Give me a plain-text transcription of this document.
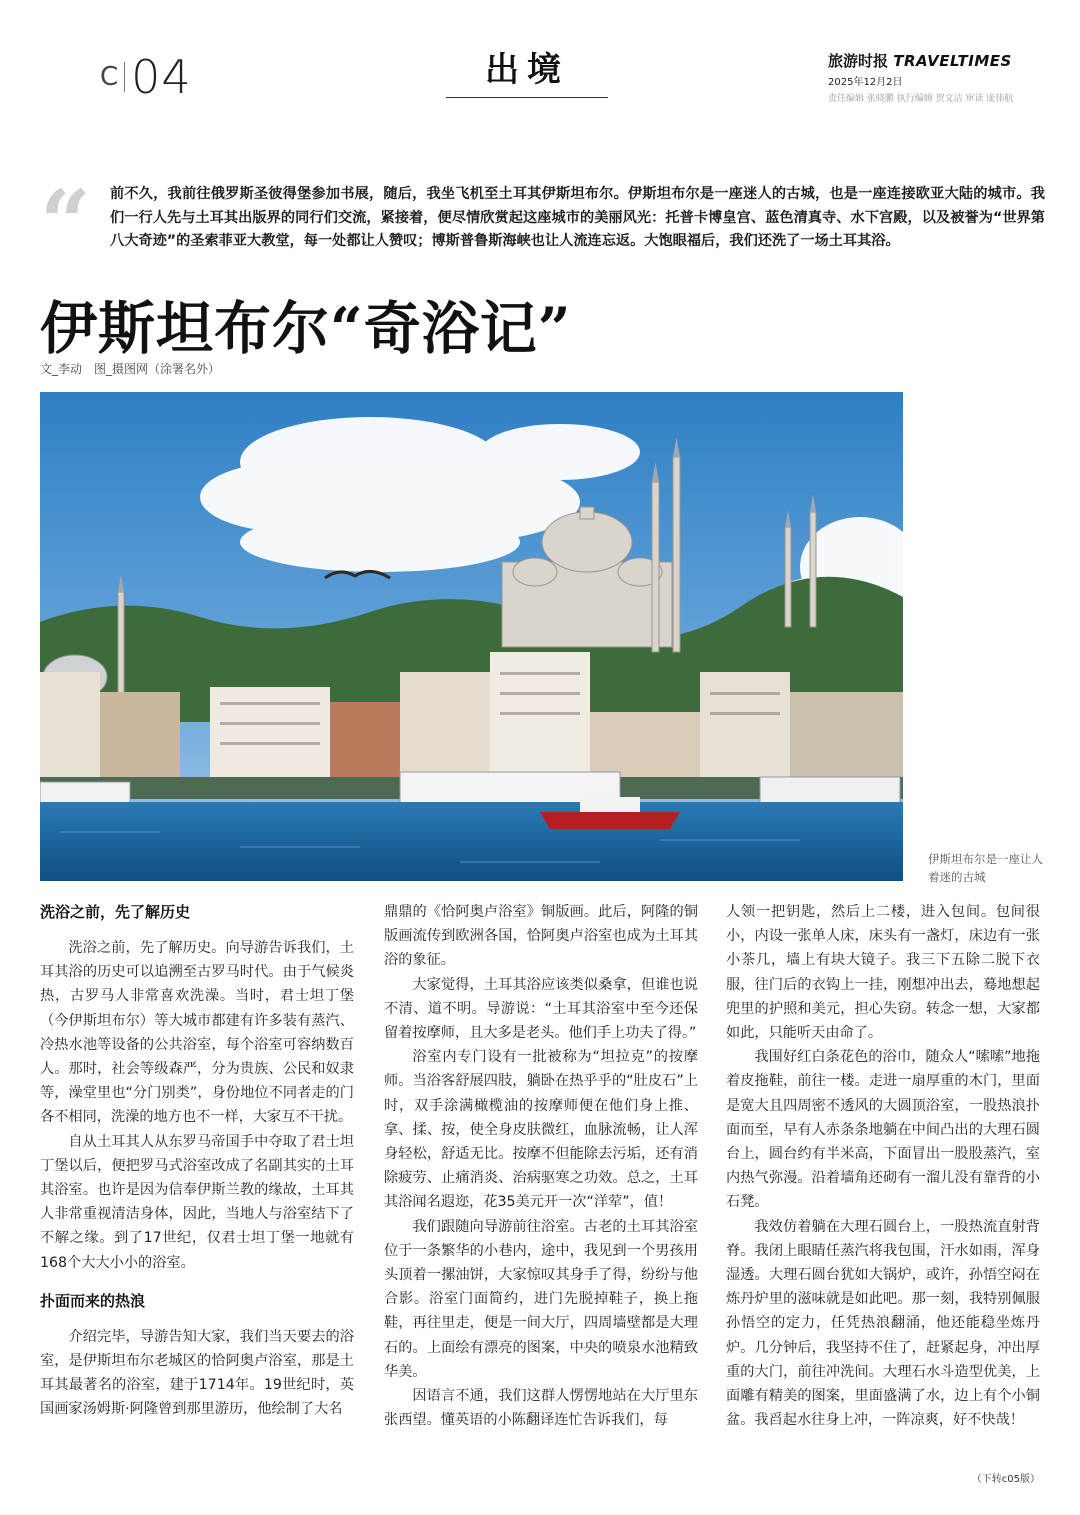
C 04	出境	旅游时报 TRAVELTIMES
2025年12月2日
责任编辑 张晓鹏 执行编辑 贺文洁 审读 庞伟航
“ 前不久，我前往俄罗斯圣彼得堡参加书展，随后，我坐飞机至土耳其伊斯坦布尔。伊斯坦布尔是一座迷人的古城，也是一座连接欧亚大陆的城市。我们一行人先与土耳其出版界的同行们交流，紧接着，便尽情欣赏起这座城市的美丽风光：托普卡博皇宫、蓝色清真寺、水下宫殿，以及被誉为“世界第八大奇迹”的圣索菲亚大教堂，每一处都让人赞叹；博斯普鲁斯海峡也让人流连忘返。大饱眼福后，我们还洗了一场土耳其浴。
伊斯坦布尔“奇浴记”
文_李动　图_摄图网（涂署名外）
伊斯坦布尔是一座让人着迷的古城
洗浴之前，先了解历史

洗浴之前，先了解历史。向导游告诉我们，土耳其浴的历史可以追溯至古罗马时代。由于气候炎热，古罗马人非常喜欢洗澡。当时，君士坦丁堡（今伊斯坦布尔）等大城市都建有许多装有蒸汽、冷热水池等设备的公共浴室，每个浴室可容纳数百人。那时，社会等级森严，分为贵族、公民和奴隶等，澡堂里也“分门别类”，身份地位不同者走的门各不相同，洗澡的地方也不一样，大家互不干扰。

自从土耳其人从东罗马帝国手中夺取了君士坦丁堡以后，便把罗马式浴室改成了名副其实的土耳其浴室。也许是因为信奉伊斯兰教的缘故，土耳其人非常重视清洁身体，因此，当地人与浴室结下了不解之缘。到了17世纪，仅君士坦丁堡一地就有168个大大小小的浴室。

扑面而来的热浪

介绍完毕，导游告知大家，我们当天要去的浴室，是伊斯坦布尔老城区的恰阿奥卢浴室，那是土耳其最著名的浴室，建于1714年。19世纪时，英国画家汤姆斯·阿隆曾到那里游历，他绘制了大名

鼎鼎的《恰阿奥卢浴室》铜版画。此后，阿隆的铜版画流传到欧洲各国，恰阿奥卢浴室也成为土耳其浴的象征。

大家觉得，土耳其浴应该类似桑拿，但谁也说不清、道不明。导游说：“土耳其浴室中至今还保留着按摩师，且大多是老头。他们手上功夫了得。”

浴室内专门设有一批被称为“坦拉克”的按摩师。当浴客舒展四肢，躺卧在热乎乎的“肚皮石”上时，双手涂满橄榄油的按摩师便在他们身上推、拿、揉、按，使全身皮肤微红，血脉流畅，让人浑身轻松，舒适无比。按摩不但能除去污垢，还有消除疲劳、止痛消炎、治病驱寒之功效。总之，土耳其浴闻名遐迩，花35美元开一次“洋荤”，值！

我们跟随向导游前往浴室。古老的土耳其浴室位于一条繁华的小巷内，途中，我见到一个男孩用头顶着一摞油饼，大家惊叹其身手了得，纷纷与他合影。浴室门面简约，进门先脱掉鞋子，换上拖鞋，再往里走，便是一间大厅，四周墙壁都是大理石的。上面绘有漂亮的图案，中央的喷泉水池精致华美。

因语言不通，我们这群人愣愣地站在大厅里东张西望。懂英语的小陈翻译连忙告诉我们，每

人领一把钥匙，然后上二楼，进入包间。包间很小，内设一张单人床，床头有一盏灯，床边有一张小茶几，墙上有块大镜子。我三下五除二脱下衣服，往门后的衣钩上一挂，刚想冲出去，蓦地想起兜里的护照和美元，担心失窃。转念一想，大家都如此，只能听天由命了。

我围好红白条花色的浴巾，随众人“嗦嗦”地拖着皮拖鞋，前往一楼。走进一扇厚重的木门，里面是宽大且四周密不透风的大圆顶浴室，一股热浪扑面而至，早有人赤条条地躺在中间凸出的大理石圆台上，圆台约有半米高，下面冒出一股股蒸汽，室内热气弥漫。沿着墙角还砌有一溜儿没有靠背的小石凳。

我效仿着躺在大理石圆台上，一股热流直射背脊。我闭上眼睛任蒸汽将我包围，汗水如雨，浑身湿透。大理石圆台犹如大锅炉，或许，孙悟空闷在炼丹炉里的滋味就是如此吧。那一刻，我特别佩服孙悟空的定力，任凭热浪翻涌，他还能稳坐炼丹炉。几分钟后，我坚持不住了，赶紧起身，冲出厚重的大门，前往冲洗间。大理石水斗造型优美，上面雕有精美的图案，里面盛满了水，边上有个小铜盆。我舀起水往身上冲，一阵凉爽，好不快哉！

（下转c05版）
